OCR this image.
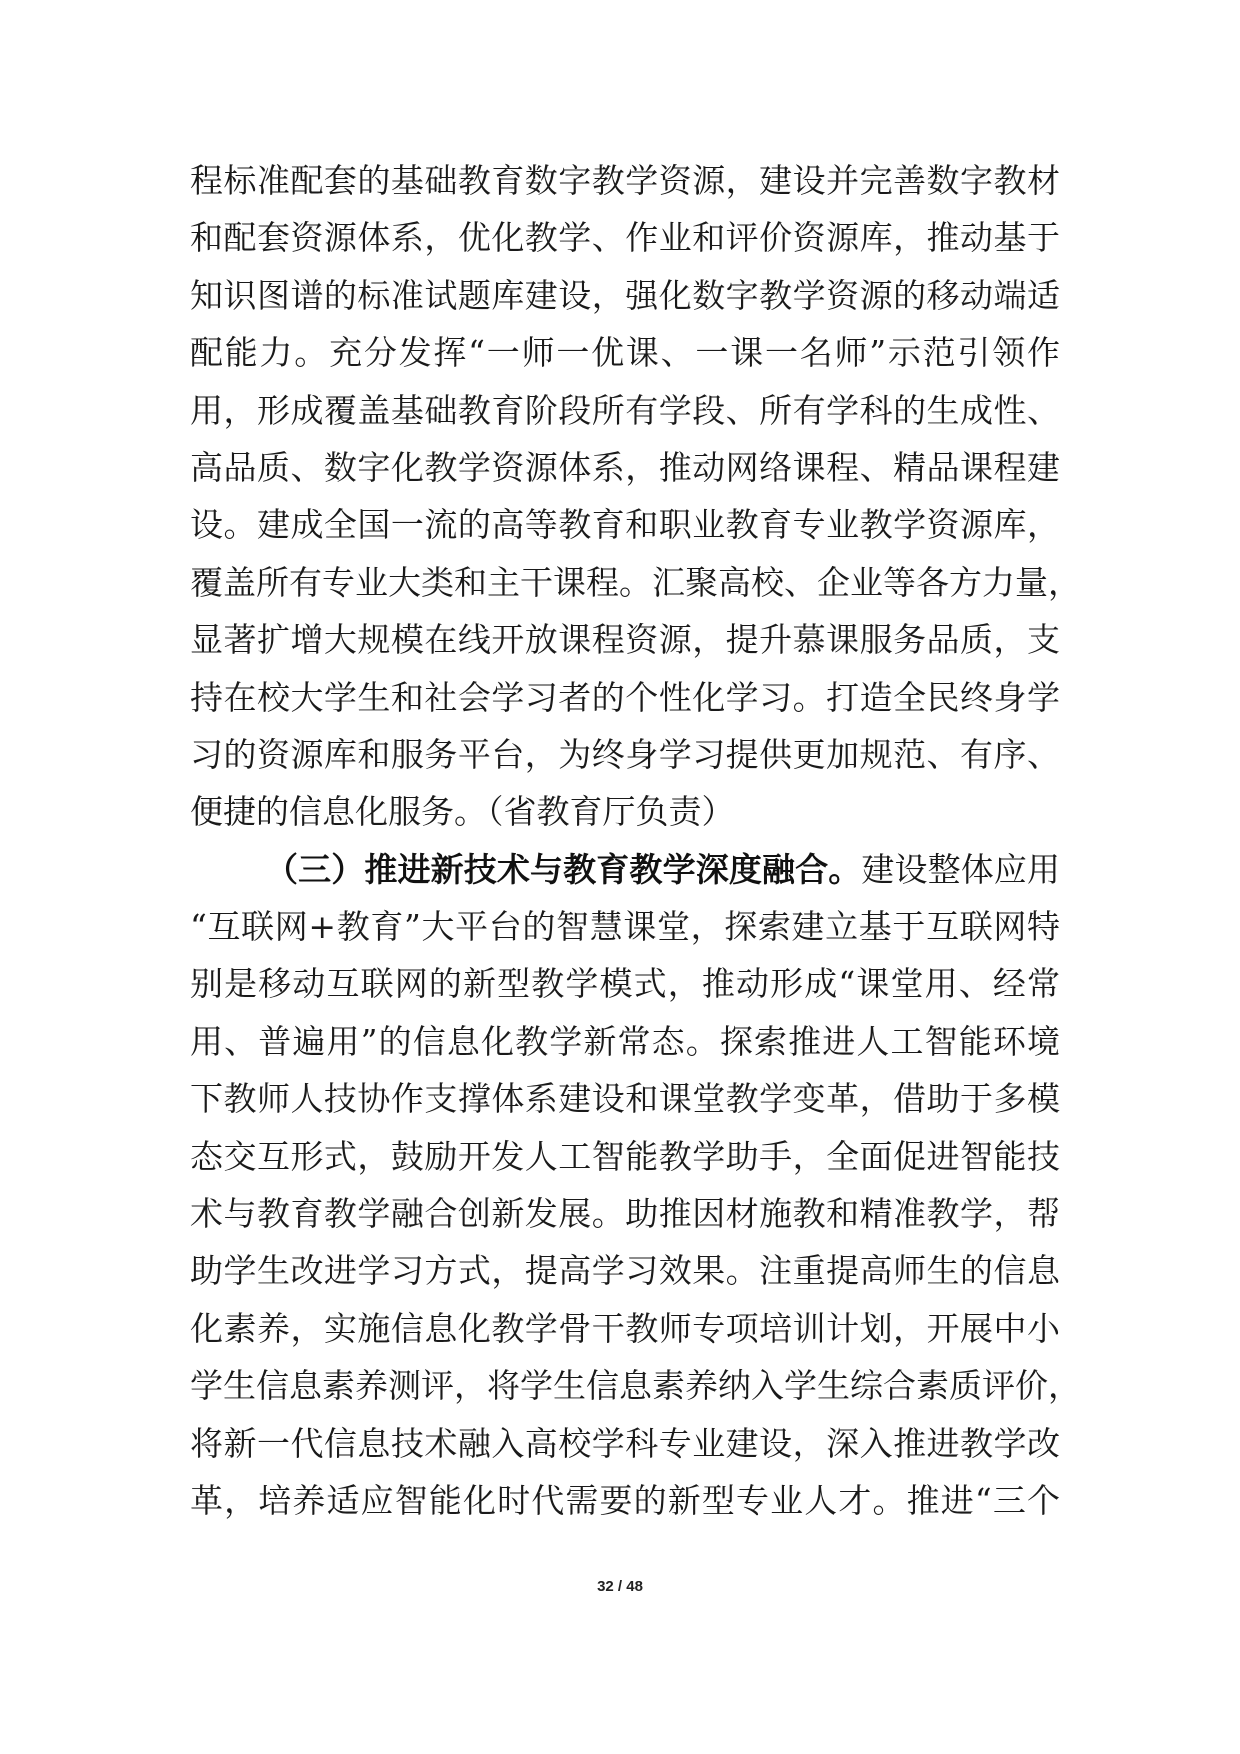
程标准配套的基础教育数字教学资源，建设并完善数字教材
和配套资源体系，优化教学、作业和评价资源库，推动基于
知识图谱的标准试题库建设，强化数字教学资源的移动端适
配能力。充分发挥“一师一优课、一课一名师”示范引领作
用，形成覆盖基础教育阶段所有学段、所有学科的生成性、
高品质、数字化教学资源体系，推动网络课程、精品课程建
设。建成全国一流的高等教育和职业教育专业教学资源库，
覆盖所有专业大类和主干课程。汇聚高校、企业等各方力量，
显著扩增大规模在线开放课程资源，提升慕课服务品质，支
持在校大学生和社会学习者的个性化学习。打造全民终身学
习的资源库和服务平台，为终身学习提供更加规范、有序、
便捷的信息化服务。（省教育厅负责）
（三）推进新技术与教育教学深度融合。建设整体应用
“互联网+教育”大平台的智慧课堂，探索建立基于互联网特
别是移动互联网的新型教学模式，推动形成“课堂用、经常
用、普遍用”的信息化教学新常态。探索推进人工智能环境
下教师人技协作支撑体系建设和课堂教学变革，借助于多模
态交互形式，鼓励开发人工智能教学助手，全面促进智能技
术与教育教学融合创新发展。助推因材施教和精准教学，帮
助学生改进学习方式，提高学习效果。注重提高师生的信息
化素养，实施信息化教学骨干教师专项培训计划，开展中小
学生信息素养测评，将学生信息素养纳入学生综合素质评价，
将新一代信息技术融入高校学科专业建设，深入推进教学改
革，培养适应智能化时代需要的新型专业人才。推进“三个
32 / 48
